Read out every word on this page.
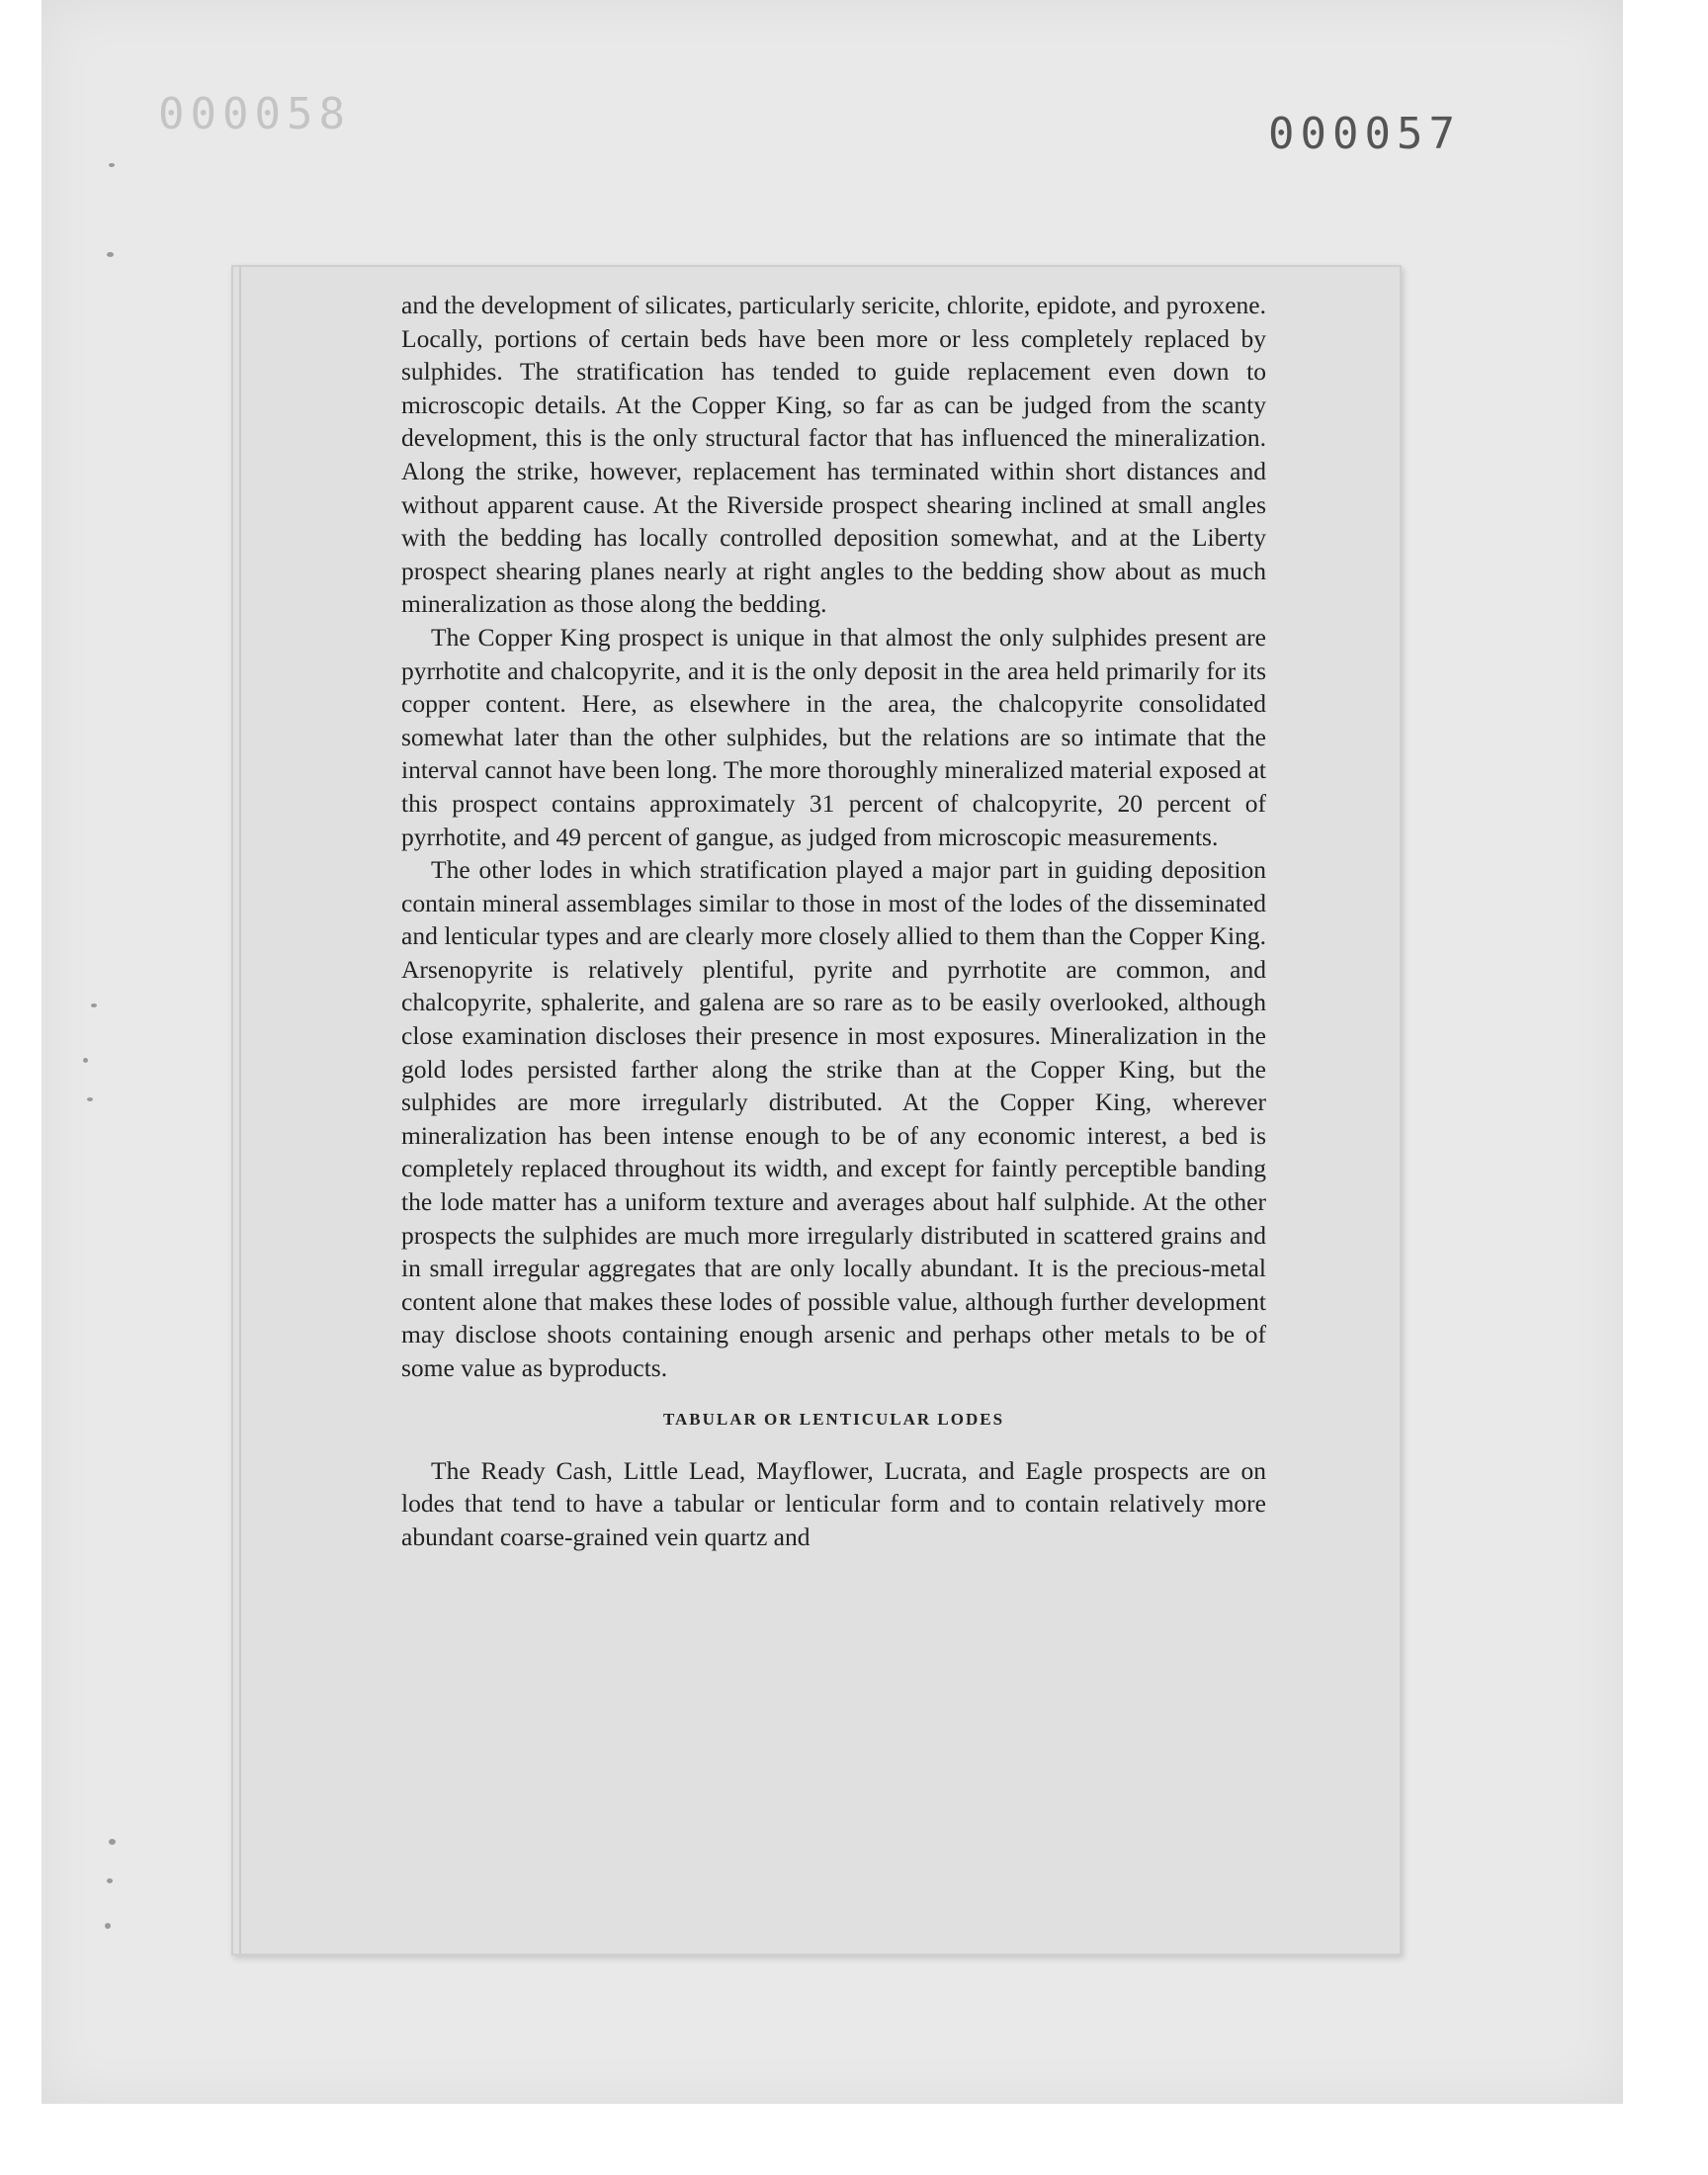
000058	000057

and the development of silicates, particularly sericite, chlorite, epidote, and pyroxene. Locally, portions of certain beds have been more or less completely replaced by sulphides. The stratification has tended to guide replacement even down to microscopic details. At the Copper King, so far as can be judged from the scanty development, this is the only structural factor that has influenced the mineralization. Along the strike, however, replacement has terminated within short distances and without apparent cause. At the Riverside prospect shearing inclined at small angles with the bedding has locally controlled deposition somewhat, and at the Liberty prospect shearing planes nearly at right angles to the bedding show about as much mineralization as those along the bedding.

The Copper King prospect is unique in that almost the only sulphides present are pyrrhotite and chalcopyrite, and it is the only deposit in the area held primarily for its copper content. Here, as elsewhere in the area, the chalcopyrite consolidated somewhat later than the other sulphides, but the relations are so intimate that the interval cannot have been long. The more thoroughly mineralized material exposed at this prospect contains approximately 31 percent of chalcopyrite, 20 percent of pyrrhotite, and 49 percent of gangue, as judged from microscopic measurements.

The other lodes in which stratification played a major part in guiding deposition contain mineral assemblages similar to those in most of the lodes of the disseminated and lenticular types and are clearly more closely allied to them than the Copper King. Arsenopyrite is relatively plentiful, pyrite and pyrrhotite are common, and chalcopyrite, sphalerite, and galena are so rare as to be easily overlooked, although close examination discloses their presence in most exposures. Mineralization in the gold lodes persisted farther along the strike than at the Copper King, but the sulphides are more irregularly distributed. At the Copper King, wherever mineralization has been intense enough to be of any economic interest, a bed is completely replaced throughout its width, and except for faintly perceptible banding the lode matter has a uniform texture and averages about half sulphide. At the other prospects the sulphides are much more irregularly distributed in scattered grains and in small irregular aggregates that are only locally abundant. It is the precious-metal content alone that makes these lodes of possible value, although further development may disclose shoots containing enough arsenic and perhaps other metals to be of some value as byproducts.

TABULAR OR LENTICULAR LODES

The Ready Cash, Little Lead, Mayflower, Lucrata, and Eagle prospects are on lodes that tend to have a tabular or lenticular form and to contain relatively more abundant coarse-grained vein quartz and
